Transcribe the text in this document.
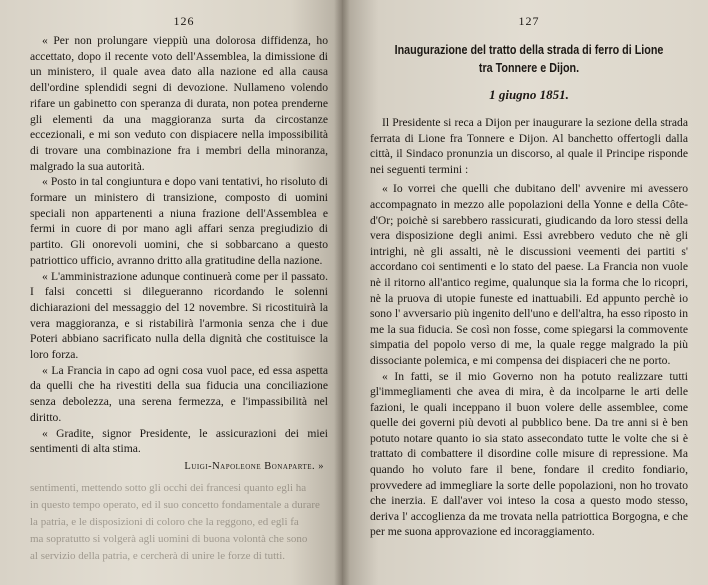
126

« Per non prolungare vieppiù una dolorosa diffidenza, ho accettato, dopo il recente voto dell'Assemblea, la dimissione di un ministero, il quale avea dato alla nazione ed alla causa dell'ordine splendidi segni di devozione. Nullameno volendo rifare un gabinetto con speranza di durata, non potea prenderne gli elementi da una maggioranza surta da circostanze eccezionali, e mi son veduto con dispiacere nella impossibilità di trovare una combinazione fra i membri della minoranza, malgrado la sua autorità.

« Posto in tal congiuntura e dopo vani tentativi, ho risoluto di formare un ministero di transizione, composto di uomini speciali non appartenenti a niuna frazione dell'Assemblea e fermi in cuore di por mano agli affari senza pregiudizio di partito. Gli onorevoli uomini, che si sobbarcano a questo patriottico ufficio, avranno dritto alla gratitudine della nazione.

« L'amministrazione adunque continuerà come per il passato. I falsi concetti si dilegueranno ricordando le solenni dichiarazioni del messaggio del 12 novembre. Si ricostituirà la vera maggioranza, e si ristabilirà l'armonia senza che i due Poteri abbiano sacrificato nulla della dignità che costituisce la loro forza.

« La Francia in capo ad ogni cosa vuol pace, ed essa aspetta da quelli che ha rivestiti della sua fiducia una conciliazione senza debolezza, una serena fermezza, e l'impassibilità nel diritto.

« Gradite, signor Presidente, le assicurazioni dei miei sentimenti di alta stima.

Luigi-Napoleone Bonaparte. »
sentimenti, mettendo sotto gli occhi dei francesi quanto egli ha
in questo tempo operato, ed il suo concetto fondamentale a durare
la patria, e le disposizioni di coloro che la reggono, ed egli fa
ma sopratutto si volgerà agli uomini di buona volontà che sono
al servizio della patria, e cercherà di unire le forze di tutti.
127
Inaugurazione del tratto della strada di ferro di Lione
tra Tonnere e Dijon.
1 giugno 1851.

Il Presidente si reca a Dijon per inaugurare la sezione della strada ferrata di Lione fra Tonnere e Dijon. Al banchetto offertogli dalla città, il Sindaco pronunzia un discorso, al quale il Principe risponde nei seguenti termini :

« Io vorrei che quelli che dubitano dell' avvenire mi avessero accompagnato in mezzo alle popolazioni della Yonne e della Côte-d'Or; poichè si sarebbero rassicurati, giudicando da loro stessi della vera disposizione degli animi. Essi avrebbero veduto che nè gli intrighi, nè gli assalti, nè le discussioni veementi dei partiti s' accordano coi sentimenti e lo stato del paese. La Francia non vuole nè il ritorno all'antico regime, qualunque sia la forma che lo ricopri, nè la pruova di utopie funeste ed inattuabili. Ed appunto perchè io sono l' avversario più ingenito dell'uno e dell'altra, ha esso riposto in me la sua fiducia. Se così non fosse, come spiegarsi la commovente simpatia del popolo verso di me, la quale regge malgrado la più dissociante polemica, e mi compensa dei dispiaceri che ne porto.

« In fatti, se il mio Governo non ha potuto realizzare tutti gl'immegliamenti che avea di mira, è da incolparne le arti delle fazioni, le quali inceppano il buon volere delle assemblee, come quelle dei governi più devoti al pubblico bene. Da tre anni si è ben potuto notare quanto io sia stato assecondato tutte le volte che si è trattato di combattere il disordine colle misure di repressione. Ma quando ho voluto fare il bene, fondare il credito fondiario, provvedere ad immegliare la sorte delle popolazioni, non ho trovato che inerzia. E dall'aver voi inteso la cosa a questo modo stesso, deriva l' accoglienza da me trovata nella patriottica Borgogna, e che per me suona approvazione ed incoraggiamento.
